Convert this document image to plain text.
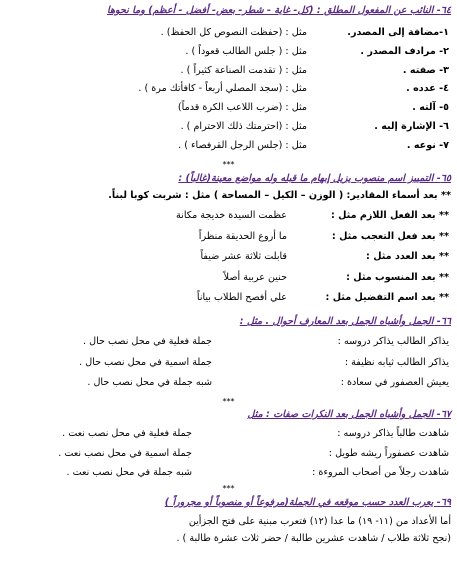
٦٤- النائب عن المفعول المطلق : (كل- غاية - شطر- بعض- أفضل - أعظم) وما نحوها
١-مضافة إلى المصدر.
مثل : (حفظت النصوص كل الحفظ) .
٢- مرادف المصدر .
مثل : ( جلس الطالب قعوداً ) .
٣- صفته .
مثل : ( تقدمت الصناعة كثيراً ) .
٤- عدده .
مثل : (سجد المصلي أربعاً - كافأتك مرة ) .
٥- آلته .
مثل : (ضرب اللاعب الكرة قدماً)
٦- الإشارة إليه .
مثل : (احترمتك ذلك الاحترام ) .
٧- نوعه .
مثل : (جلس الرجل القرفصاء ) .
***
٦٥- التمييز اسم منصوب يزيل إبهام ما قبله وله مواضع معينة(غالباً) :
** بعد أسماء المقادير: ( الوزن – الكيل – المساحة ) مثل : شربت كوبا لبناً.
** بعد الفعل اللازم مثل :
عظمت السيدة خديجة مكانة
** بعد فعل التعجب مثل :
ما أروع الحديقة منظراً
** بعد العدد مثل :
قابلت ثلاثة عشر ضيفاً
** بعد المنسوب مثل :
حنين عربية أصلاً
** بعد اسم التفضيل مثل :
علي أفصح الطلاب بياناً
٦٦- الجمل وأشباه الجمل بعد المعارف أحوال . مثل :
يذاكر الطالب يذاكر دروسه :
جملة فعلية في محل نصب حال .
يذاكر الطالب ثيابه نظيفة :
جملة اسمية في محل نصب حال .
يعيش العصفور في سعادة :
شبه جملة في محل نصب حال .
***
٦٧- الجمل وأشباه الجمل بعد النكرات صفات : مثل
شاهدت طالباً يذاكر دروسه :
جملة فعلية في محل نصب نعت .
شاهدت عصفوراً ريشه طويل :
جملة اسمية في محل نصب نعت .
شاهدت رجلاً من أصحاب المروءة :
شبه جملة في محل نصب نعت .
***
٦٩- يعرب العدد حسب موقعه في الجملة(مرفوعاً أو منصوباً أو مجروراً )
أما الأعداد من (١١- ١٩) ما عدا (١٢) فتعرب مبنية على فتح الجزأين
(نجح ثلاثة طلاب / شاهدت عشرين طالبة / حضر ثلاث عشرة طالبة ) .
